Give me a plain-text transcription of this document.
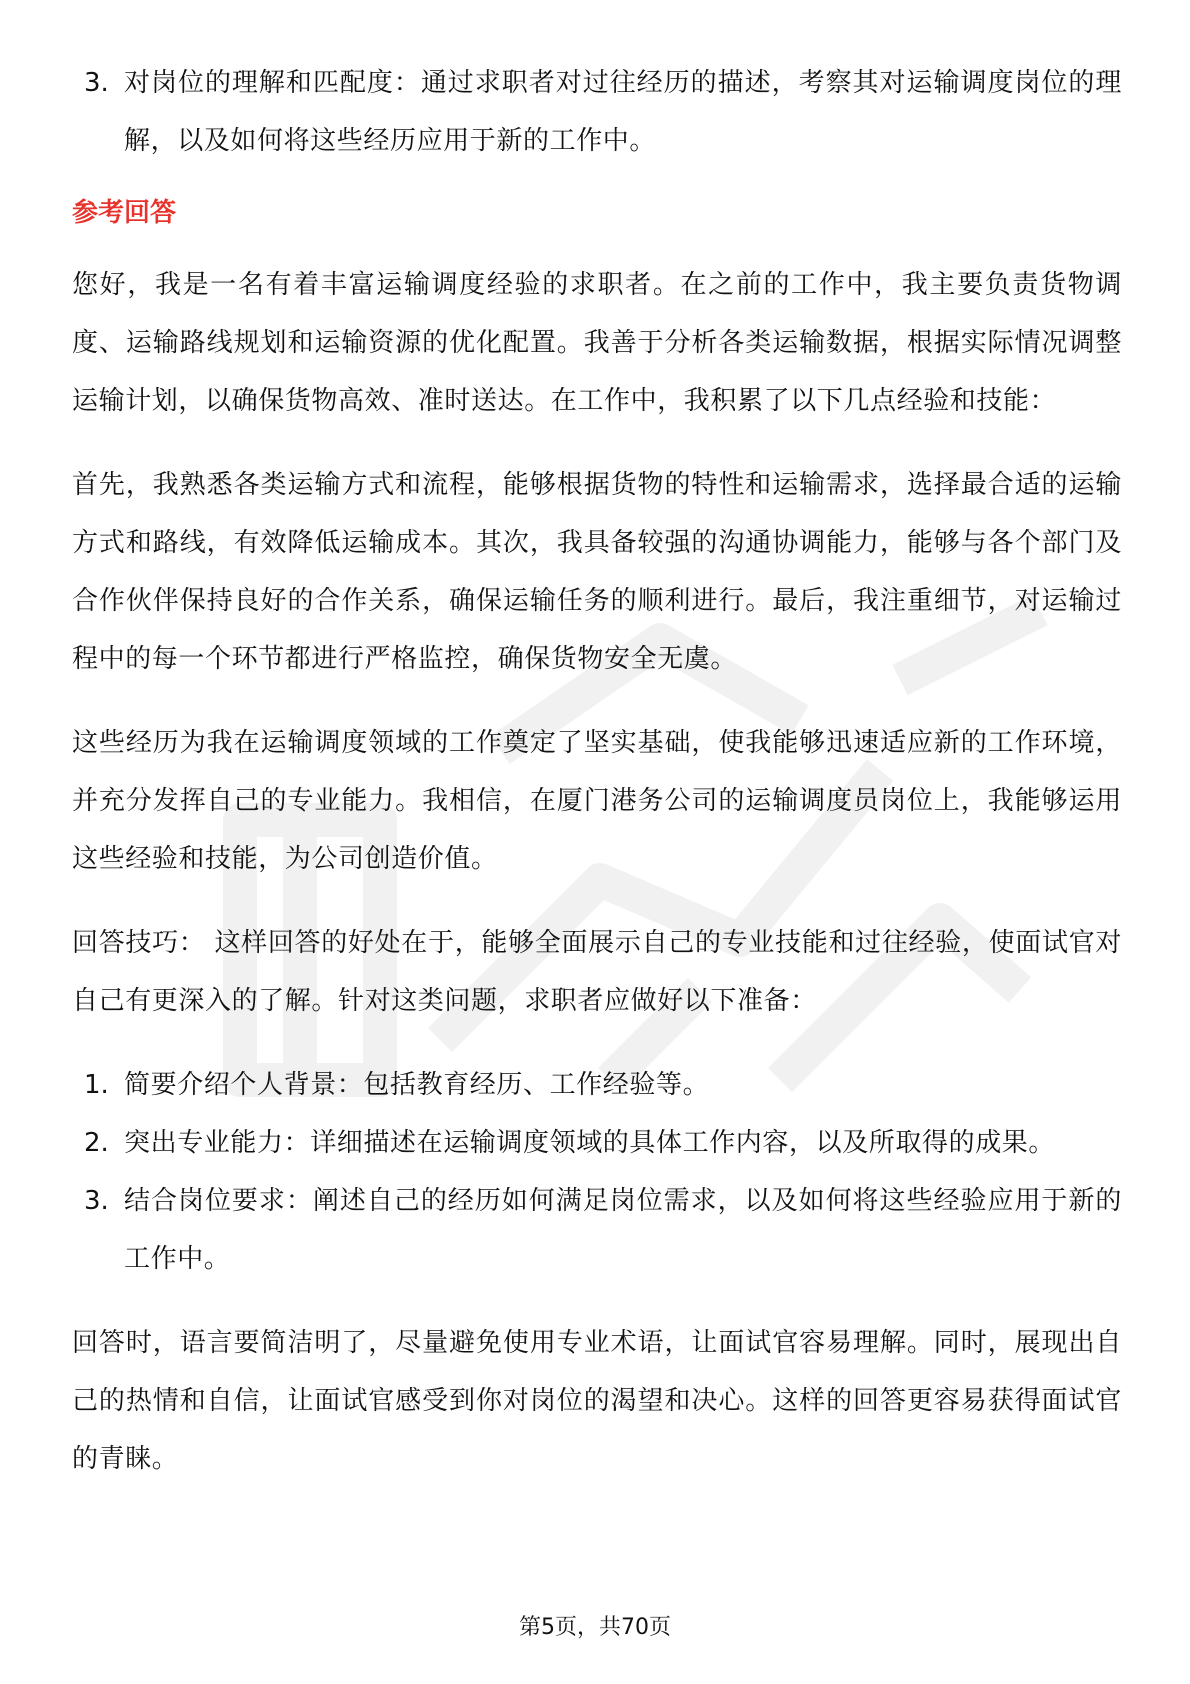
3. 对岗位的理解和匹配度：通过求职者对过往经历的描述，考察其对运输调度岗位的理解，以及如何将这些经历应用于新的工作中。

参考回答

您好，我是一名有着丰富运输调度经验的求职者。在之前的工作中，我主要负责货物调度、运输路线规划和运输资源的优化配置。我善于分析各类运输数据，根据实际情况调整运输计划，以确保货物高效、准时送达。在工作中，我积累了以下几点经验和技能：

首先，我熟悉各类运输方式和流程，能够根据货物的特性和运输需求，选择最合适的运输方式和路线，有效降低运输成本。其次，我具备较强的沟通协调能力，能够与各个部门及合作伙伴保持良好的合作关系，确保运输任务的顺利进行。最后，我注重细节，对运输过程中的每一个环节都进行严格监控，确保货物安全无虞。

这些经历为我在运输调度领域的工作奠定了坚实基础，使我能够迅速适应新的工作环境，并充分发挥自己的专业能力。我相信，在厦门港务公司的运输调度员岗位上，我能够运用这些经验和技能，为公司创造价值。

回答技巧： 这样回答的好处在于，能够全面展示自己的专业技能和过往经验，使面试官对自己有更深入的了解。针对这类问题，求职者应做好以下准备：

1. 简要介绍个人背景：包括教育经历、工作经验等。

2. 突出专业能力：详细描述在运输调度领域的具体工作内容，以及所取得的成果。

3. 结合岗位要求：阐述自己的经历如何满足岗位需求，以及如何将这些经验应用于新的工作中。

回答时，语言要简洁明了，尽量避免使用专业术语，让面试官容易理解。同时，展现出自己的热情和自信，让面试官感受到你对岗位的渴望和决心。这样的回答更容易获得面试官的青睐。

第5页，共70页
